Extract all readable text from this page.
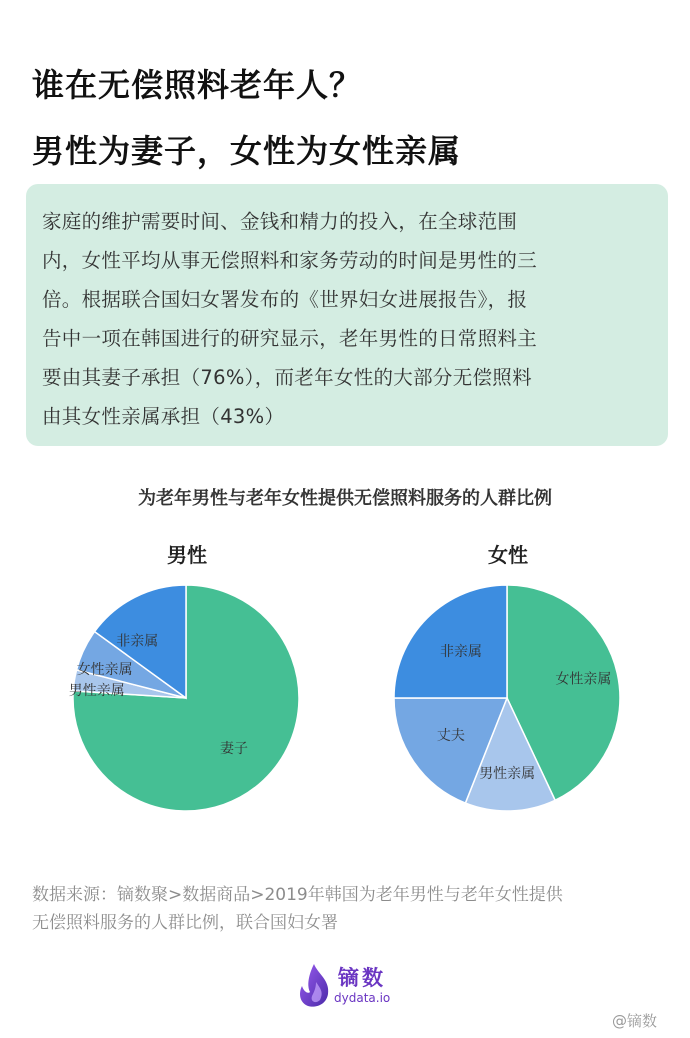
谁在无偿照料老年人？
男性为妻子，女性为女性亲属
家庭的维护需要时间、金钱和精力的投入，在全球范围
内，女性平均从事无偿照料和家务劳动的时间是男性的三
倍。根据联合国妇女署发布的《世界妇女进展报告》，报
告中一项在韩国进行的研究显示，老年男性的日常照料主
要由其妻子承担（76%），而老年女性的大部分无偿照料
由其女性亲属承担（43%）
为老年男性与老年女性提供无偿照料服务的人群比例
男性	女性
妻子
男性亲属
女性亲属
非亲属
女性亲属
男性亲属
丈夫
非亲属
数据来源：镝数聚>数据商品>2019年韩国为老年男性与老年女性提供
无偿照料服务的人群比例，联合国妇女署
镝数
dydata.io
@镝数
